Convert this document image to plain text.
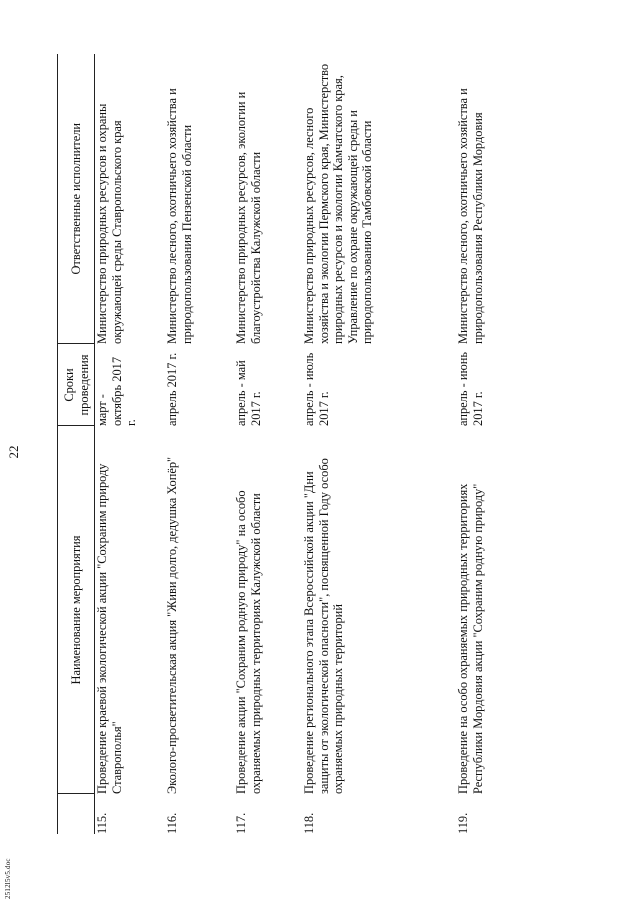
22
	Наименование мероприятия	Сроки проведения	Ответственные исполнители
115.	Проведение краевой экологической акции "Сохраним природу Ставрополья"	март - октябрь 2017 г.	Министерство природных ресурсов и охраны окружающей среды Ставропольского края
116.	Эколого-просветительская акция "Живи долго, дедушка Хопёр"	апрель 2017 г.	Министерство лесного, охотничьего хозяйства и природопользования Пензенской области
117.	Проведение акции "Сохраним родную природу" на особо охраняемых природных территориях Калужской области	апрель - май 2017 г.	Министерство природных ресурсов, экологии и благоустройства Калужской области
118.	Проведение регионального этапа Всероссийской акции "Дни защиты от экологической опасности", посвященной Году особо охраняемых природных территорий	апрель - июль 2017 г.	Министерство природных ресурсов, лесного хозяйства и экологии Пермского края, Министерство природных ресурсов и экологии Камчатского края, Управление по охране окружающей среды и природопользованию Тамбовской области
119.	Проведение на особо охраняемых природных территориях Республики Мордовия акции "Сохраним родную природу"	апрель - июнь 2017 г.	Министерство лесного, охотничьего хозяйства и природопользования Республики Мордовия
2512l5v5.doc
